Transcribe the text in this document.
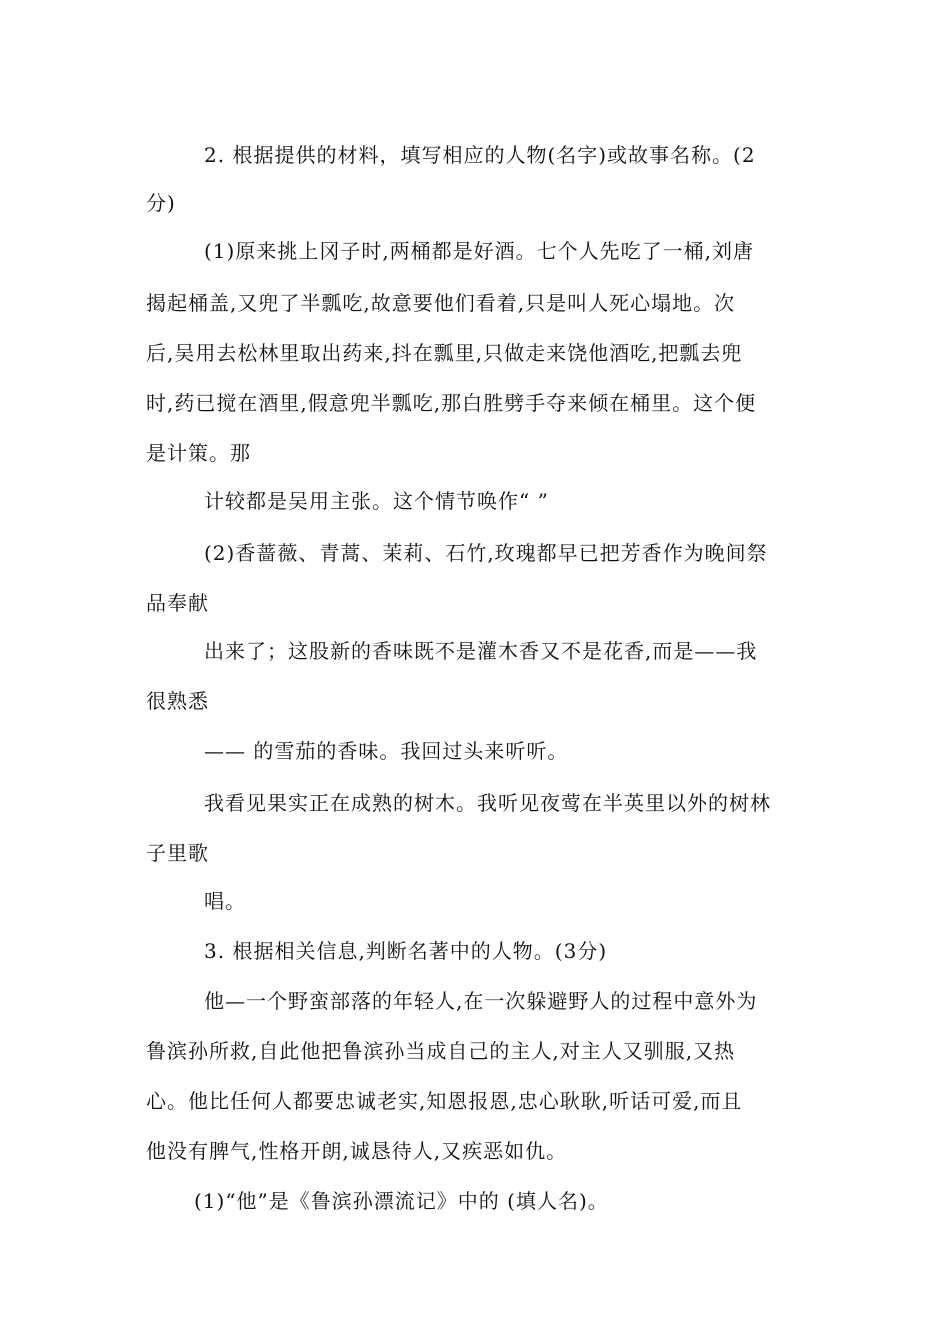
2. 根据提供的材料，填写相应的人物(名字)或故事名称。(2
分)
(1)原来挑上冈子时,两桶都是好酒。七个人先吃了一桶,刘唐
揭起桶盖,又兜了半瓢吃,故意要他们看着,只是叫人死心塌地。次
后,吴用去松林里取出药来,抖在瓢里,只做走来饶他酒吃,把瓢去兜
时,药已搅在酒里,假意兜半瓢吃,那白胜劈手夺来倾在桶里。这个便
是计策。那
计较都是吴用主张。这个情节唤作“ ”
(2)香蔷薇、青蒿、茉莉、石竹,玫瑰都早已把芳香作为晚间祭
品奉献
出来了；这股新的香味既不是灌木香又不是花香,而是——我
很熟悉
—— 的雪茄的香味。我回过头来听听。
我看见果实正在成熟的树木。我听见夜莺在半英里以外的树林
子里歌
唱。
3. 根据相关信息,判断名著中的人物。(3分)
他—一个野蛮部落的年轻人,在一次躲避野人的过程中意外为
鲁滨孙所救,自此他把鲁滨孙当成自己的主人,对主人又驯服,又热
心。他比任何人都要忠诚老实,知恩报恩,忠心耿耿,听话可爱,而且
他没有脾气,性格开朗,诚恳待人,又疾恶如仇。
(1)“他”是《鲁滨孙漂流记》中的 (填人名)。
